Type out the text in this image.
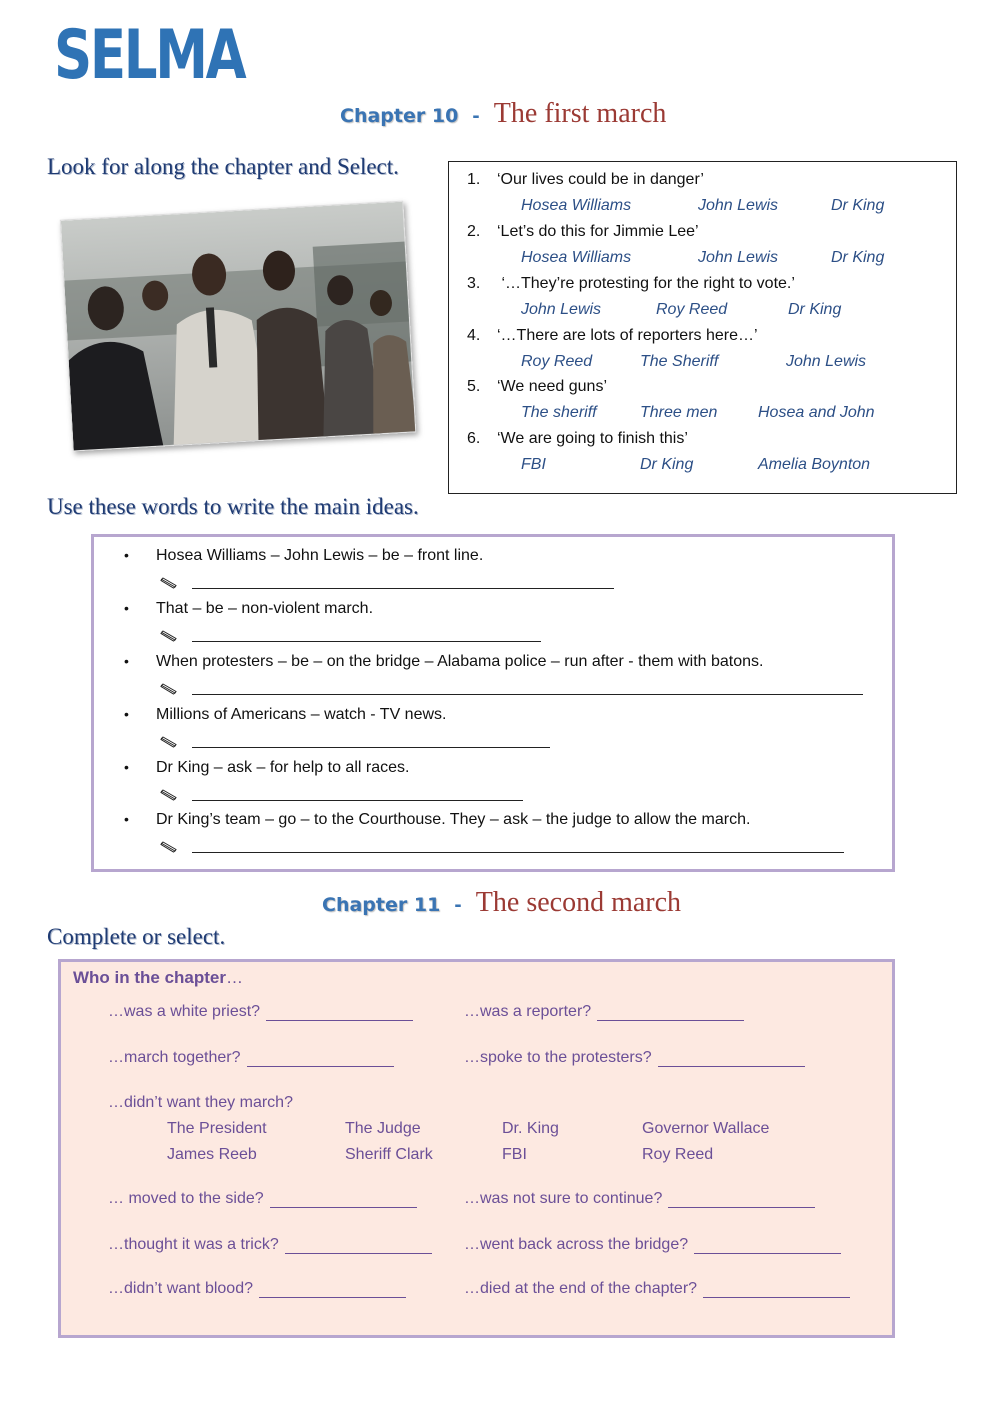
SELMA
Chapter 10 - The first march
Look for along the chapter and Select.
1. ‘Our lives could be in danger’
Hosea Williams	John Lewis	Dr King
2. ‘Let’s do this for Jimmie Lee’
Hosea Williams	John Lewis	Dr King
3. ‘…They’re protesting for the right to vote.’
John Lewis	Roy Reed	Dr King
4. ‘…There are lots of reporters here…’
Roy Reed	The Sheriff	John Lewis
5. ‘We need guns’
The sheriff	Three men	Hosea and John
6. ‘We are going to finish this’
FBI	Dr King	Amelia Boynton
Use these words to write the main ideas.
• Hosea Williams – John Lewis – be – front line.
• That – be – non-violent march.
• When protesters – be – on the bridge – Alabama police – run after - them with batons.
• Millions of Americans – watch - TV news.
• Dr King – ask – for help to all races.
• Dr King’s team – go – to the Courthouse. They – ask – the judge to allow the march.
Chapter 11 - The second march
Complete or select.
Who in the chapter…
…was a white priest?	…was a reporter?
…march together?	…spoke to the protesters?
…didn’t want they march?
The President	The Judge	Dr. King	Governor Wallace
James Reeb	Sheriff Clark	FBI	Roy Reed
… moved to the side?	…was not sure to continue?
…thought it was a trick?	…went back across the bridge?
…didn’t want blood?	…died at the end of the chapter?
